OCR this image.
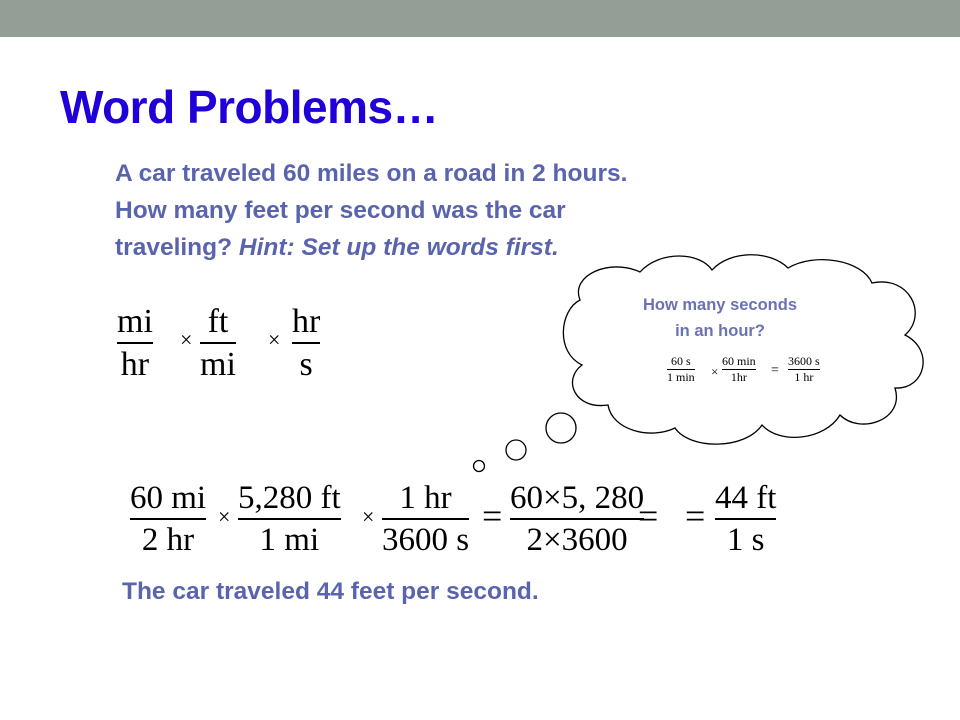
Word Problems…

A car traveled 60 miles on a road in 2 hours.

How many feet per second was the car

traveling? Hint: Set up the words first.

How many seconds

in an hour?

60 s
1 min ×
60 min
1hr =
3600 s
1 hr
mi
hr
× ft
mi
× hr
s
60 mi
2 hr
×
5,280 ft
1 mi
×
1 hr
3600 s
= 60×5, 280
2×3600
= = 44 ft
1 s

The car traveled 44 feet per second.
